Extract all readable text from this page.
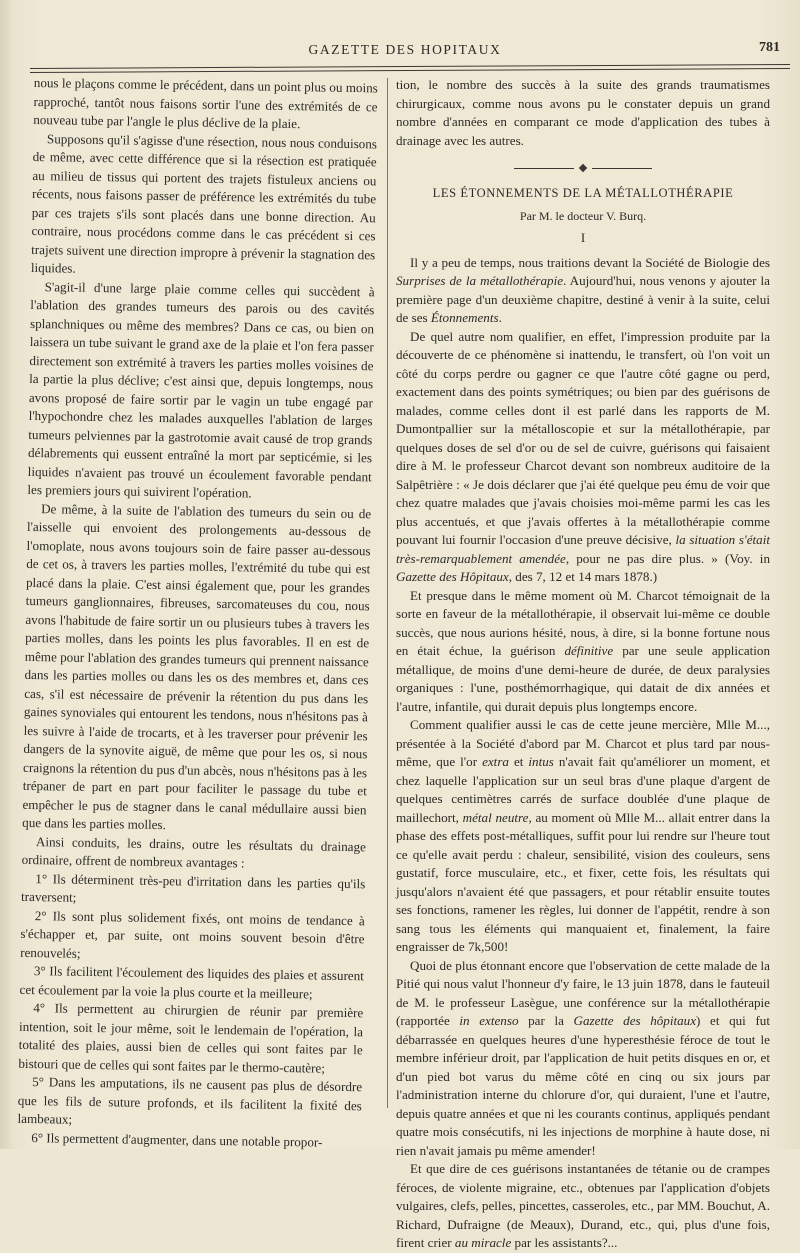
GAZETTE DES HOPITAUX	781

nous le plaçons comme le précédent, dans un point plus ou moins rapproché, tantôt nous faisons sortir l'une des extrémités de ce nouveau tube par l'angle le plus déclive de la plaie.

Supposons qu'il s'agisse d'une résection, nous nous conduisons de même, avec cette différence que si la résection est pratiquée au milieu de tissus qui portent des trajets fistuleux anciens ou récents, nous faisons passer de préférence les extrémités du tube par ces trajets s'ils sont placés dans une bonne direction. Au contraire, nous procédons comme dans le cas précédent si ces trajets suivent une direction impropre à prévenir la stagnation des liquides.

S'agit-il d'une large plaie comme celles qui succèdent à l'ablation des grandes tumeurs des parois ou des cavités splanchniques ou même des membres? Dans ce cas, ou bien on laissera un tube suivant le grand axe de la plaie et l'on fera passer directement son extrémité à travers les parties molles voisines de la partie la plus déclive; c'est ainsi que, depuis longtemps, nous avons proposé de faire sortir par le vagin un tube engagé par l'hypochondre chez les malades auxquelles l'ablation de larges tumeurs pelviennes par la gastrotomie avait causé de trop grands délabrements qui eussent entraîné la mort par septicémie, si les liquides n'avaient pas trouvé un écoulement favorable pendant les premiers jours qui suivirent l'opération.

De même, à la suite de l'ablation des tumeurs du sein ou de l'aisselle qui envoient des prolongements au-dessous de l'omoplate, nous avons toujours soin de faire passer au-dessous de cet os, à travers les parties molles, l'extrémité du tube qui est placé dans la plaie. C'est ainsi également que, pour les grandes tumeurs ganglionnaires, fibreuses, sarcomateuses du cou, nous avons l'habitude de faire sortir un ou plusieurs tubes à travers les parties molles, dans les points les plus favorables. Il en est de même pour l'ablation des grandes tumeurs qui prennent naissance dans les parties molles ou dans les os des membres et, dans ces cas, s'il est nécessaire de prévenir la rétention du pus dans les gaines synoviales qui entourent les tendons, nous n'hésitons pas à les suivre à l'aide de trocarts, et à les traverser pour prévenir les dangers de la synovite aiguë, de même que pour les os, si nous craignons la rétention du pus d'un abcès, nous n'hésitons pas à les trépaner de part en part pour faciliter le passage du tube et empêcher le pus de stagner dans le canal médullaire aussi bien que dans les parties molles.

Ainsi conduits, les drains, outre les résultats du drainage ordinaire, offrent de nombreux avantages :

1° Ils déterminent très-peu d'irritation dans les parties qu'ils traversent;

2° Ils sont plus solidement fixés, ont moins de tendance à s'échapper et, par suite, ont moins souvent besoin d'être renouvelés;

3° Ils facilitent l'écoulement des liquides des plaies et assurent cet écoulement par la voie la plus courte et la meilleure;

4° Ils permettent au chirurgien de réunir par première intention, soit le jour même, soit le lendemain de l'opération, la totalité des plaies, aussi bien de celles qui sont faites par le bistouri que de celles qui sont faites par le thermo-cautère;

5° Dans les amputations, ils ne causent pas plus de désordre que les fils de suture profonds, et ils facilitent la fixité des lambeaux;

6° Ils permettent d'augmenter, dans une notable propor-

tion, le nombre des succès à la suite des grands traumatismes chirurgicaux, comme nous avons pu le constater depuis un grand nombre d'années en comparant ce mode d'application des tubes à drainage avec les autres.

LES ÉTONNEMENTS DE LA MÉTALLOTHÉRAPIE
Par M. le docteur V. Burq.
I

Il y a peu de temps, nous traitions devant la Société de Biologie des Surprises de la métallothérapie. Aujourd'hui, nous venons y ajouter la première page d'un deuxième chapitre, destiné à venir à la suite, celui de ses Étonnements.

De quel autre nom qualifier, en effet, l'impression produite par la découverte de ce phénomène si inattendu, le transfert, où l'on voit un côté du corps perdre ou gagner ce que l'autre côté gagne ou perd, exactement dans des points symétriques; ou bien par des guérisons de malades, comme celles dont il est parlé dans les rapports de M. Dumontpallier sur la métalloscopie et sur la métallothérapie, par quelques doses de sel d'or ou de sel de cuivre, guérisons qui faisaient dire à M. le professeur Charcot devant son nombreux auditoire de la Salpêtrière : « Je dois déclarer que j'ai été quelque peu ému de voir que chez quatre malades que j'avais choisies moi-même parmi les cas les plus accentués, et que j'avais offertes à la métallothérapie comme pouvant lui fournir l'occasion d'une preuve décisive, la situation s'était très-remarquablement amendée, pour ne pas dire plus. » (Voy. in Gazette des Hôpitaux, des 7, 12 et 14 mars 1878.)

Et presque dans le même moment où M. Charcot témoignait de la sorte en faveur de la métallothérapie, il observait lui-même ce double succès, que nous aurions hésité, nous, à dire, si la bonne fortune nous en était échue, la guérison définitive par une seule application métallique, de moins d'une demi-heure de durée, de deux paralysies organiques : l'une, posthémorrhagique, qui datait de dix années et l'autre, infantile, qui durait depuis plus longtemps encore.

Comment qualifier aussi le cas de cette jeune mercière, Mlle M..., présentée à la Société d'abord par M. Charcot et plus tard par nous-même, que l'or extra et intus n'avait fait qu'améliorer un moment, et chez laquelle l'application sur un seul bras d'une plaque d'argent de quelques centimètres carrés de surface doublée d'une plaque de maillechort, métal neutre, au moment où Mlle M... allait entrer dans la phase des effets post-métalliques, suffit pour lui rendre sur l'heure tout ce qu'elle avait perdu : chaleur, sensibilité, vision des couleurs, sens gustatif, force musculaire, etc., et fixer, cette fois, les résultats qui jusqu'alors n'avaient été que passagers, et pour rétablir ensuite toutes ses fonctions, ramener les règles, lui donner de l'appétit, rendre à son sang tous les éléments qui manquaient et, finalement, la faire engraisser de 7k,500!

Quoi de plus étonnant encore que l'observation de cette malade de la Pitié qui nous valut l'honneur d'y faire, le 13 juin 1878, dans le fauteuil de M. le professeur Lasègue, une conférence sur la métallothérapie (rapportée in extenso par la Gazette des hôpitaux) et qui fut débarrassée en quelques heures d'une hyperesthésie féroce de tout le membre inférieur droit, par l'application de huit petits disques en or, et d'un pied bot varus du même côté en cinq ou six jours par l'administration interne du chlorure d'or, qui duraient, l'une et l'autre, depuis quatre années et que ni les courants continus, appliqués pendant quatre mois consécutifs, ni les injections de morphine à haute dose, ni rien n'avait jamais pu même amender!

Et que dire de ces guérisons instantanées de tétanie ou de crampes féroces, de violente migraine, etc., obtenues par l'application d'objets vulgaires, clefs, pelles, pincettes, casseroles, etc., par MM. Bouchut, A. Richard, Dufraigne (de Meaux), Durand, etc., qui, plus d'une fois, firent crier au miracle par les assistants?...
